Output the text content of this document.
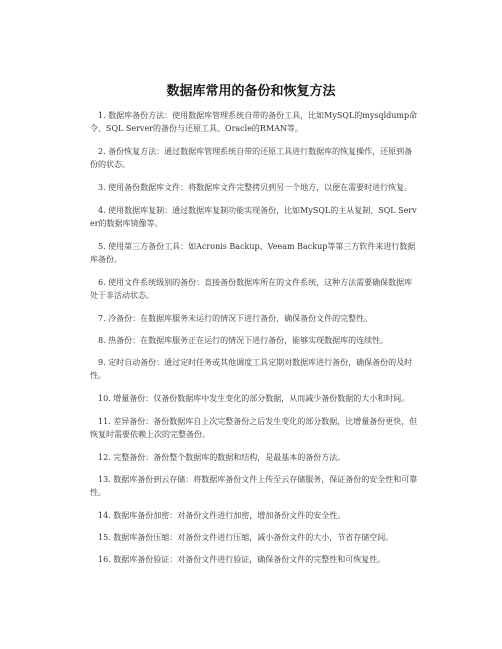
数据库常用的备份和恢复方法

1. 数据库备份方法：使用数据库管理系统自带的备份工具，比如MySQL的mysqldump命令、SQL Server的备份与还原工具、Oracle的RMAN等。

2. 备份恢复方法：通过数据库管理系统自带的还原工具进行数据库的恢复操作，还原到备份的状态。

3. 使用备份数据库文件：将数据库文件完整拷贝到另一个地方，以便在需要时进行恢复。

4. 使用数据库复制：通过数据库复制功能实现备份，比如MySQL的主从复制、SQL Server的数据库镜像等。

5. 使用第三方备份工具：如Acronis Backup、Veeam Backup等第三方软件来进行数据库备份。

6. 使用文件系统级别的备份：直接备份数据库所在的文件系统，这种方法需要确保数据库处于非活动状态。

7. 冷备份：在数据库服务未运行的情况下进行备份，确保备份文件的完整性。

8. 热备份：在数据库服务正在运行的情况下进行备份，能够实现数据库的连续性。

9. 定时自动备份：通过定时任务或其他调度工具定期对数据库进行备份，确保备份的及时性。

10. 增量备份：仅备份数据库中发生变化的部分数据，从而减少备份数据的大小和时间。

11. 差异备份：备份数据库自上次完整备份之后发生变化的部分数据，比增量备份更快，但恢复时需要依赖上次的完整备份。

12. 完整备份：备份整个数据库的数据和结构，是最基本的备份方法。

13. 数据库备份到云存储：将数据库备份文件上传至云存储服务，保证备份的安全性和可靠性。

14. 数据库备份加密：对备份文件进行加密，增加备份文件的安全性。

15. 数据库备份压缩：对备份文件进行压缩，减小备份文件的大小，节省存储空间。

16. 数据库备份验证：对备份文件进行验证，确保备份文件的完整性和可恢复性。
